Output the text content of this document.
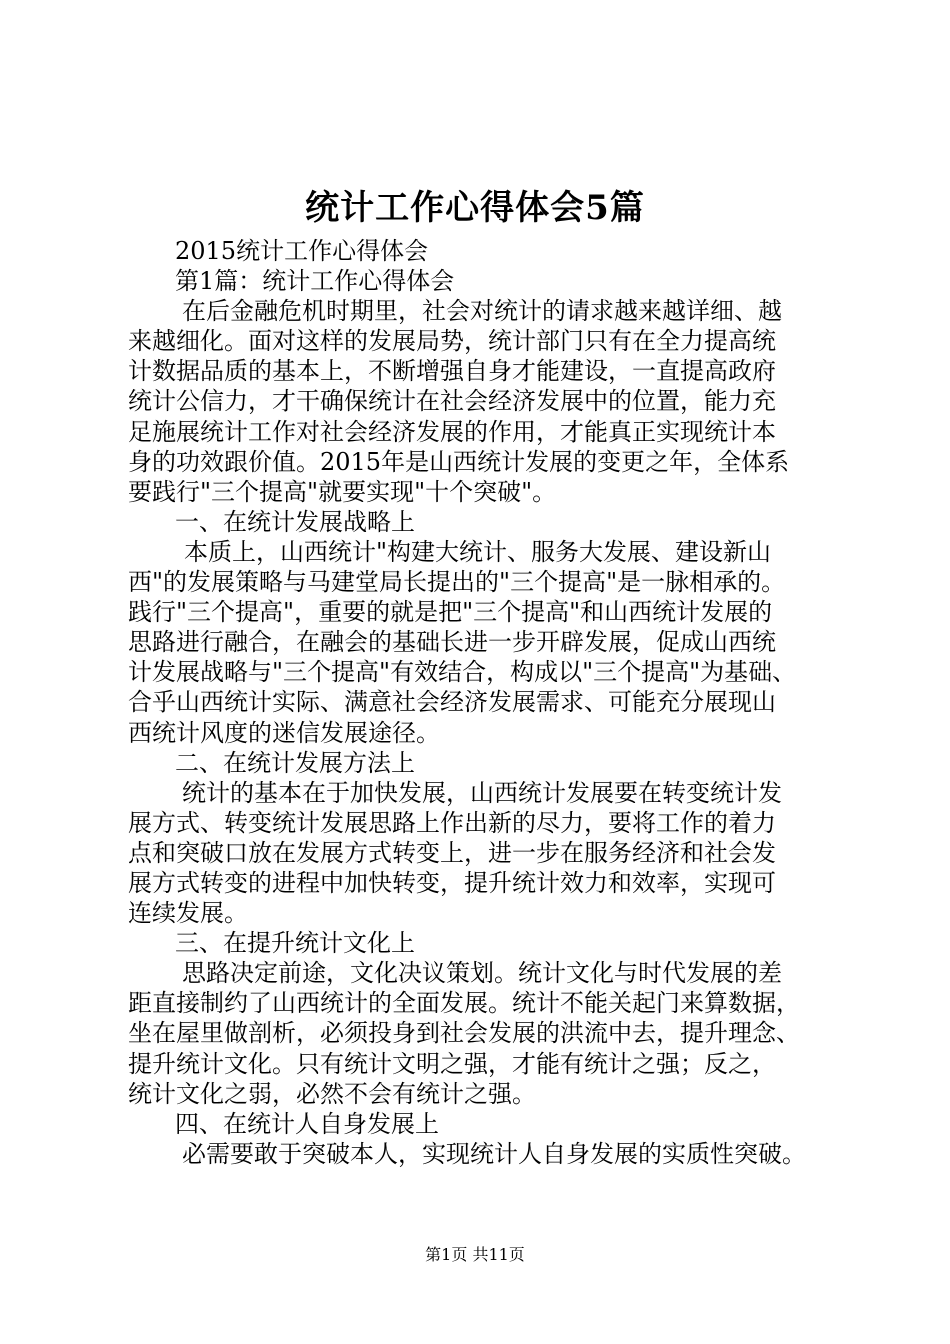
统计工作心得体会5篇
2015统计工作心得体会
第1篇：统计工作心得体会
在后金融危机时期里，社会对统计的请求越来越详细、越
来越细化。面对这样的发展局势，统计部门只有在全力提高统
计数据品质的基本上，不断增强自身才能建设，一直提高政府
统计公信力，才干确保统计在社会经济发展中的位置，能力充
足施展统计工作对社会经济发展的作用，才能真正实现统计本
身的功效跟价值。2015年是山西统计发展的变更之年，全体系
要践行"三个提高"就要实现"十个突破"。
一、在统计发展战略上
本质上，山西统计"构建大统计、服务大发展、建设新山
西"的发展策略与马建堂局长提出的"三个提高"是一脉相承的。
践行"三个提高"，重要的就是把"三个提高"和山西统计发展的
思路进行融合，在融会的基础长进一步开辟发展，促成山西统
计发展战略与"三个提高"有效结合，构成以"三个提高"为基础、
合乎山西统计实际、满意社会经济发展需求、可能充分展现山
西统计风度的迷信发展途径。
二、在统计发展方法上
统计的基本在于加快发展，山西统计发展要在转变统计发
展方式、转变统计发展思路上作出新的尽力，要将工作的着力
点和突破口放在发展方式转变上，进一步在服务经济和社会发
展方式转变的进程中加快转变，提升统计效力和效率，实现可
连续发展。
三、在提升统计文化上
思路决定前途，文化决议策划。统计文化与时代发展的差
距直接制约了山西统计的全面发展。统计不能关起门来算数据，
坐在屋里做剖析，必须投身到社会发展的洪流中去，提升理念、
提升统计文化。只有统计文明之强，才能有统计之强；反之，
统计文化之弱，必然不会有统计之强。
四、在统计人自身发展上
必需要敢于突破本人，实现统计人自身发展的实质性突破。
第1页 共11页
